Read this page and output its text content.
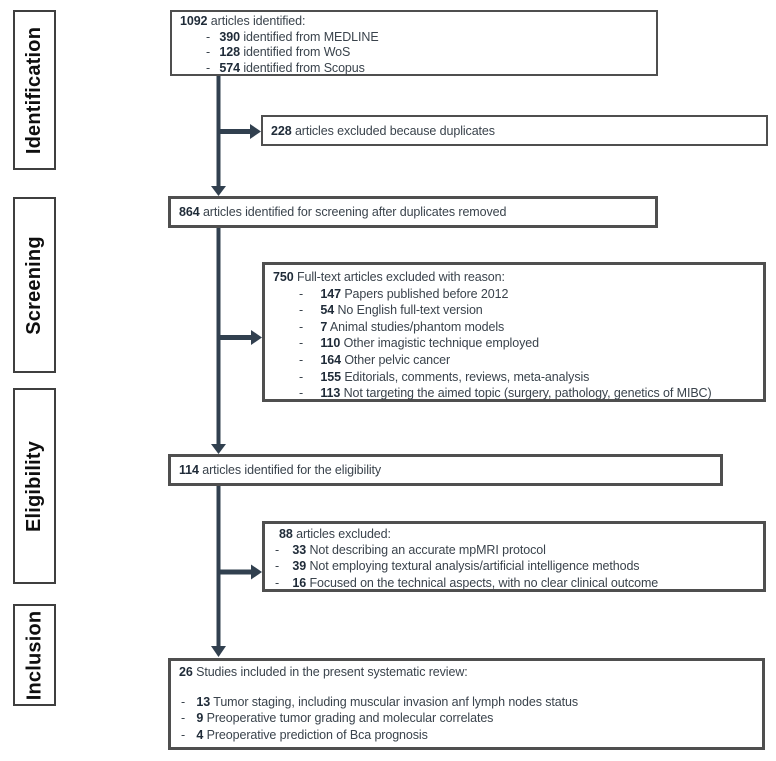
Identification
Screening
Eligibility
Inclusion
1092 articles identified:
- 390 identified from MEDLINE
- 128 identified from WoS
- 574 identified from Scopus
228 articles excluded because duplicates
864 articles identified for screening after duplicates removed
750 Full-text articles excluded with reason:
- 147 Papers published before 2012
- 54 No English full-text version
- 7 Animal studies/phantom models
- 110 Other imagistic technique employed
- 164 Other pelvic cancer
- 155 Editorials, comments, reviews, meta-analysis
- 113 Not targeting the aimed topic (surgery, pathology, genetics of MIBC)
114 articles identified for the eligibility
88 articles excluded:
- 33 Not describing an accurate mpMRI protocol
- 39 Not employing textural analysis/artificial intelligence methods
- 16 Focused on the technical aspects, with no clear clinical outcome
26 Studies included in the present systematic review:
- 13 Tumor staging, including muscular invasion anf lymph nodes status
- 9 Preoperative tumor grading and molecular correlates
- 4 Preoperative prediction of Bca prognosis
